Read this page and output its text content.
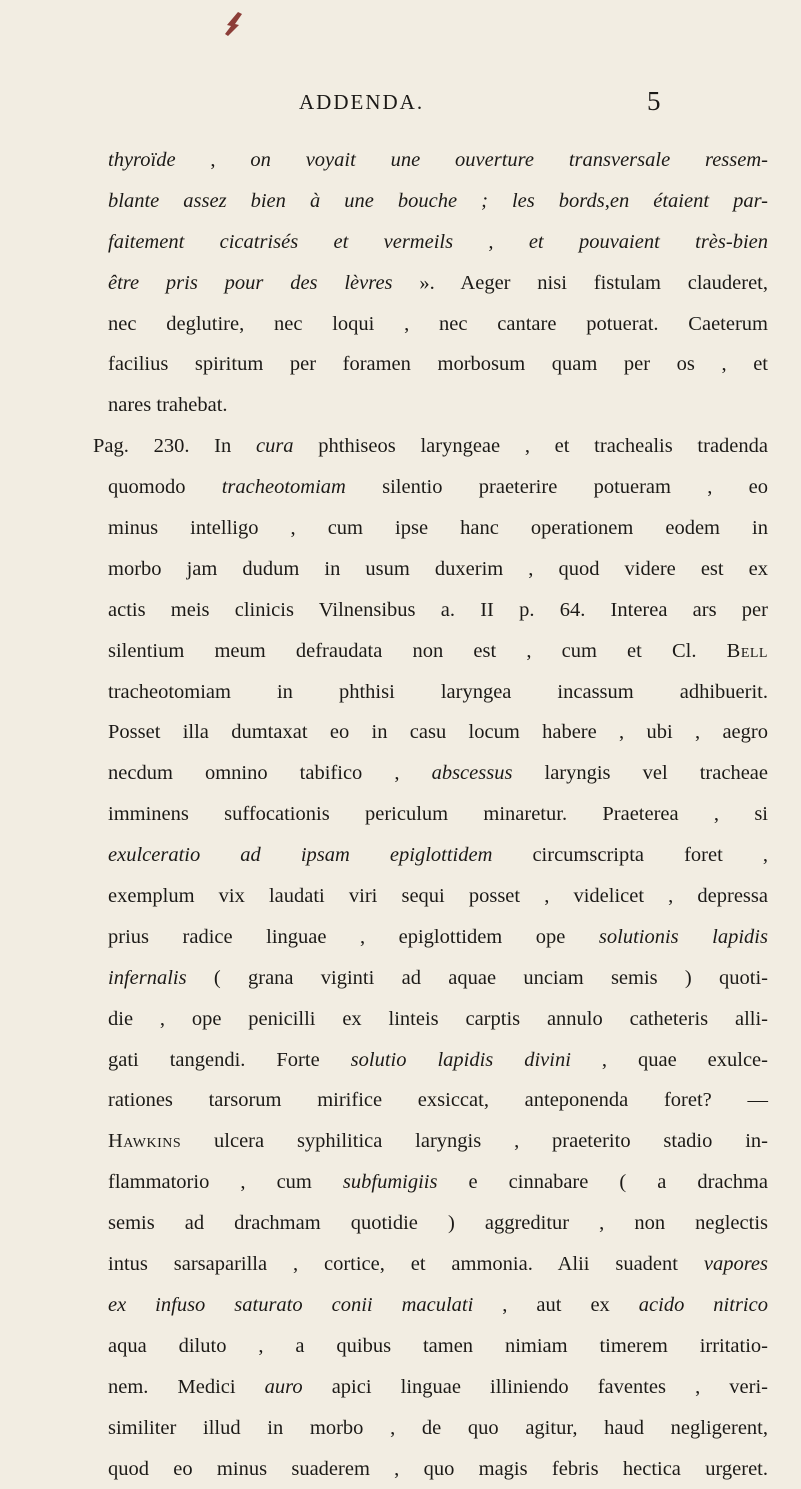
ADDENDA.	5
thyroïde , on voyait une ouverture transversale ressem-
blante assez bien à une bouche ; les bords,en étaient par-
faitement cicatrisés et vermeils , et pouvaient très-bien
être pris pour des lèvres ». Aeger nisi fistulam clauderet,
nec deglutire, nec loqui , nec cantare potuerat. Caeterum
facilius spiritum per foramen morbosum quam per os , et
nares trahebat.
Pag. 230. In cura phthiseos laryngeae , et trachealis tradenda
quomodo tracheotomiam silentio praeterire potueram , eo
minus intelligo , cum ipse hanc operationem eodem in
morbo jam dudum in usum duxerim , quod videre est ex
actis meis clinicis Vilnensibus a. II p. 64. Interea ars per
silentium meum defraudata non est , cum et Cl. Bell
tracheotomiam in phthisi laryngea incassum adhibuerit.
Posset illa dumtaxat eo in casu locum habere , ubi , aegro
necdum omnino tabifico , abscessus laryngis vel tracheae
imminens suffocationis periculum minaretur. Praeterea , si
exulceratio ad ipsam epiglottidem circumscripta foret ,
exemplum vix laudati viri sequi posset , videlicet , depressa
prius radice linguae , epiglottidem ope solutionis lapidis
infernalis ( grana viginti ad aquae unciam semis ) quoti-
die , ope penicilli ex linteis carptis annulo catheteris alli-
gati tangendi. Forte solutio lapidis divini , quae exulce-
rationes tarsorum mirifice exsiccat, anteponenda foret? —
Hawkins ulcera syphilitica laryngis , praeterito stadio in-
flammatorio , cum subfumigiis e cinnabare ( a drachma
semis ad drachmam quotidie ) aggreditur , non neglectis
intus sarsaparilla , cortice, et ammonia. Alii suadent vapores
ex infuso saturato conii maculati , aut ex acido nitrico
aqua diluto , a quibus tamen nimiam timerem irritatio-
nem. Medici auro apici linguae illiniendo faventes , veri-
similiter illud in morbo , de quo agitur, haud negligerent,
quod eo minus suaderem , quo magis febris hectica urgeret.
